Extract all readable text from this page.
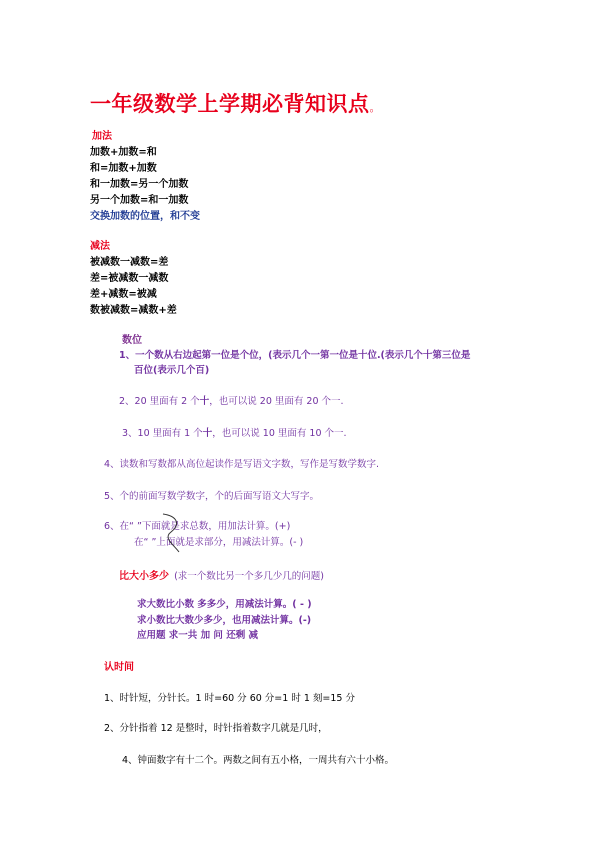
一年级数学上学期必背知识点。
加法
加数+加数=和
和=加数+加数
和一加数=另一个加数
另一个加数=和一加数
交换加数的位置，和不变
减法
被减数一减数=差
差=被减数一减数
差+减数=被减
数被减数=减数+差
数位
1、一个数从右边起第一位是个位，(表示几个一第一位是十位.(表示几个十第三位是
百位(表示几个百)
2、20 里面有 2 个十，也可以说 20 里面有 20 个一.
3、10 里面有 1 个十，也可以说 10 里面有 10 个一.
4、读数和写数都从高位起读作是写语文字数，写作是写数学数字.
5、个的前面写数学数字，个的后面写语文大写字。
6、在“ ”下面就是求总数，用加法计算。(+)
在“ ”上面就是求部分，用减法计算。(- )
比大小多少 (求一个数比另一个多几少几的问题)
求大数比小数 多多少，用减法计算。( - )
求小数比大数少多少，也用减法计算。(-)
应用题 求一共 加 问 还剩 减
认时间
1、时针短，分针长。1 时=60 分 60 分=1 时 1 刻=15 分
2、分针指着 12 是整时，时针指着数字几就是几时，
4、钟面数字有十二个。两数之间有五小格，一周共有六十小格。
